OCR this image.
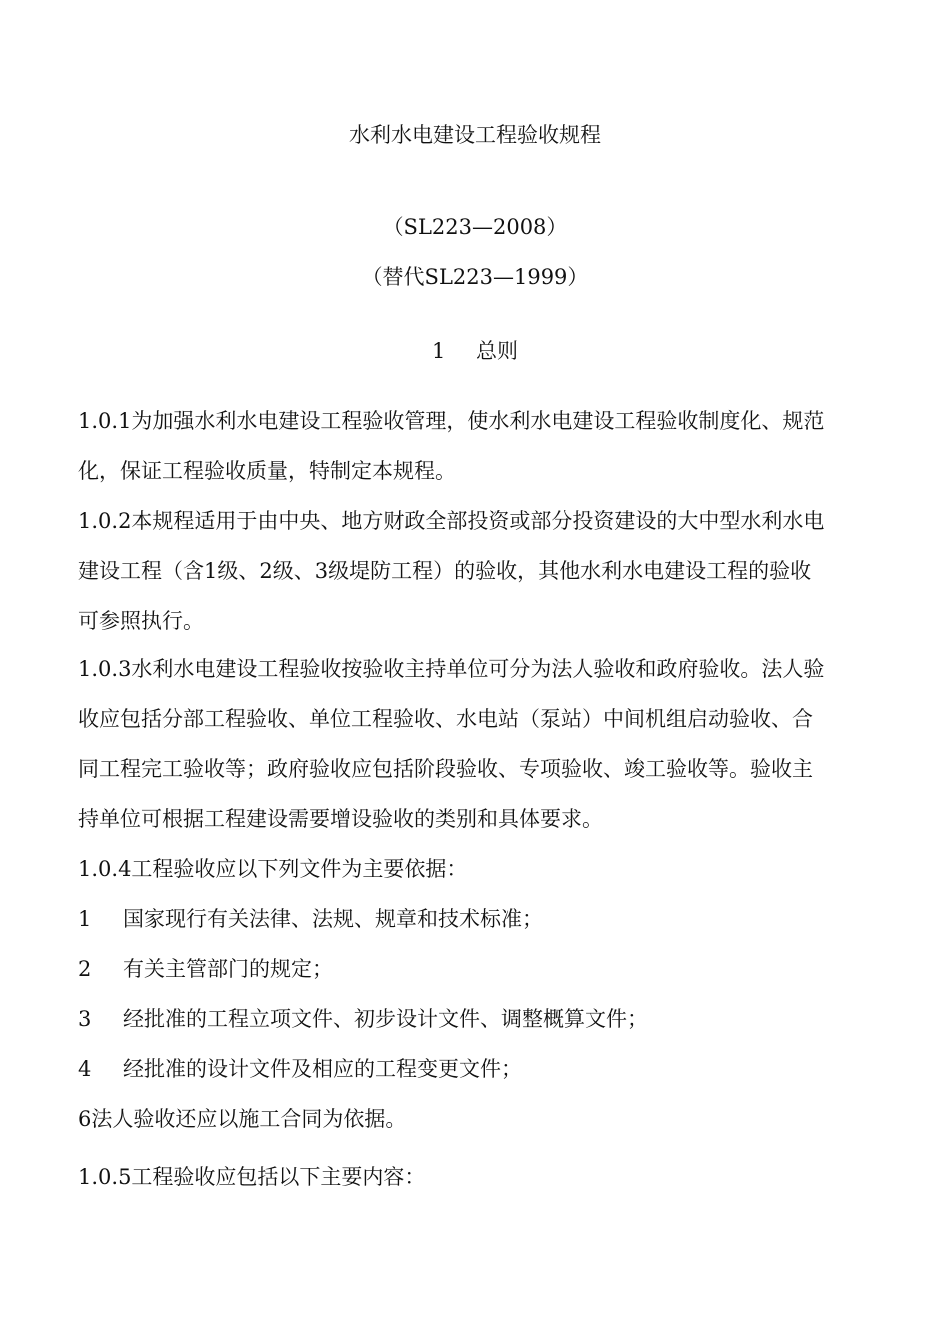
水利水电建设工程验收规程
（SL223—2008）
（替代SL223—1999）
1 总则
1.0.1为加强水利水电建设工程验收管理，使水利水电建设工程验收制度化、规范
化，保证工程验收质量，特制定本规程。
1.0.2本规程适用于由中央、地方财政全部投资或部分投资建设的大中型水利水电
建设工程（含1级、2级、3级堤防工程）的验收，其他水利水电建设工程的验收
可参照执行。
1.0.3水利水电建设工程验收按验收主持单位可分为法人验收和政府验收。法人验
收应包括分部工程验收、单位工程验收、水电站（泵站）中间机组启动验收、合
同工程完工验收等；政府验收应包括阶段验收、专项验收、竣工验收等。验收主
持单位可根据工程建设需要增设验收的类别和具体要求。
1.0.4工程验收应以下列文件为主要依据：
1 国家现行有关法律、法规、规章和技术标准；
2 有关主管部门的规定；
3 经批准的工程立项文件、初步设计文件、调整概算文件；
4 经批准的设计文件及相应的工程变更文件；
6法人验收还应以施工合同为依据。
1.0.5工程验收应包括以下主要内容：
